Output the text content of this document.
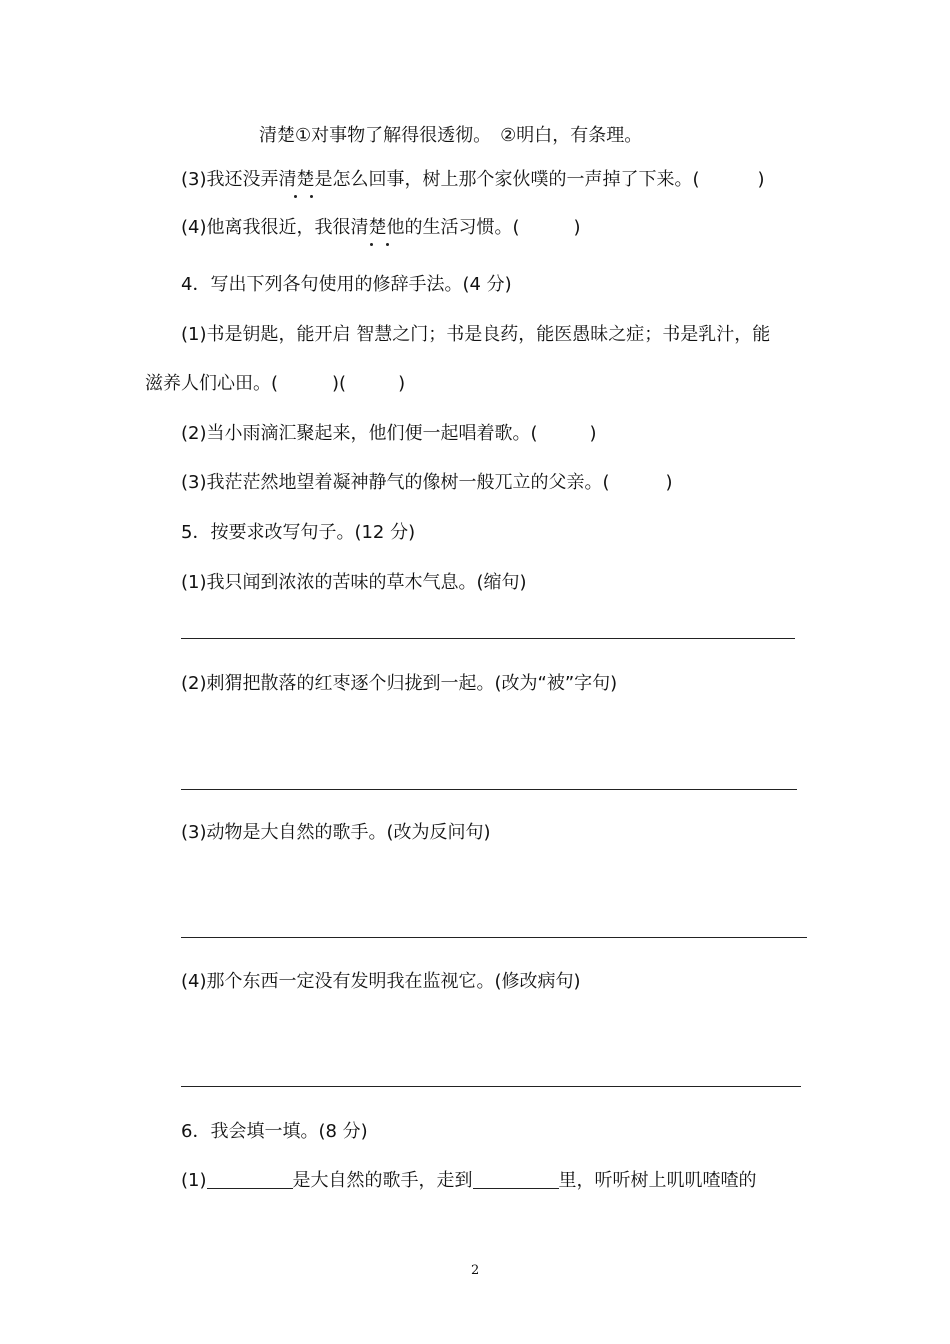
清楚①对事物了解得很透彻。　②明白，有条理。
(3)我还没弄清楚是怎么回事，树上那个家伙噗的一声掉了下来。(	)
(4)他离我很近，我很清楚他的生活习惯。(	)
4．写出下列各句使用的修辞手法。(4 分)
(1)书是钥匙，能开启 智慧之门；书是良药，能医愚昧之症；书是乳汁，能
滋养人们心田。(	)(	)
(2)当小雨滴汇聚起来，他们便一起唱着歌。(	)
(3)我茫茫然地望着凝神静气的像树一般兀立的父亲。(	)
5．按要求改写句子。(12 分)
(1)我只闻到浓浓的苦味的草木气息。(缩句)
(2)刺猬把散落的红枣逐个归拢到一起。(改为“被”字句)
(3)动物是大自然的歌手。(改为反问句)
(4)那个东西一定没有发明我在监视它。(修改病句)
6．我会填一填。(8 分)
(1)	是大自然的歌手，走到	里，听听树上叽叽喳喳的
2
